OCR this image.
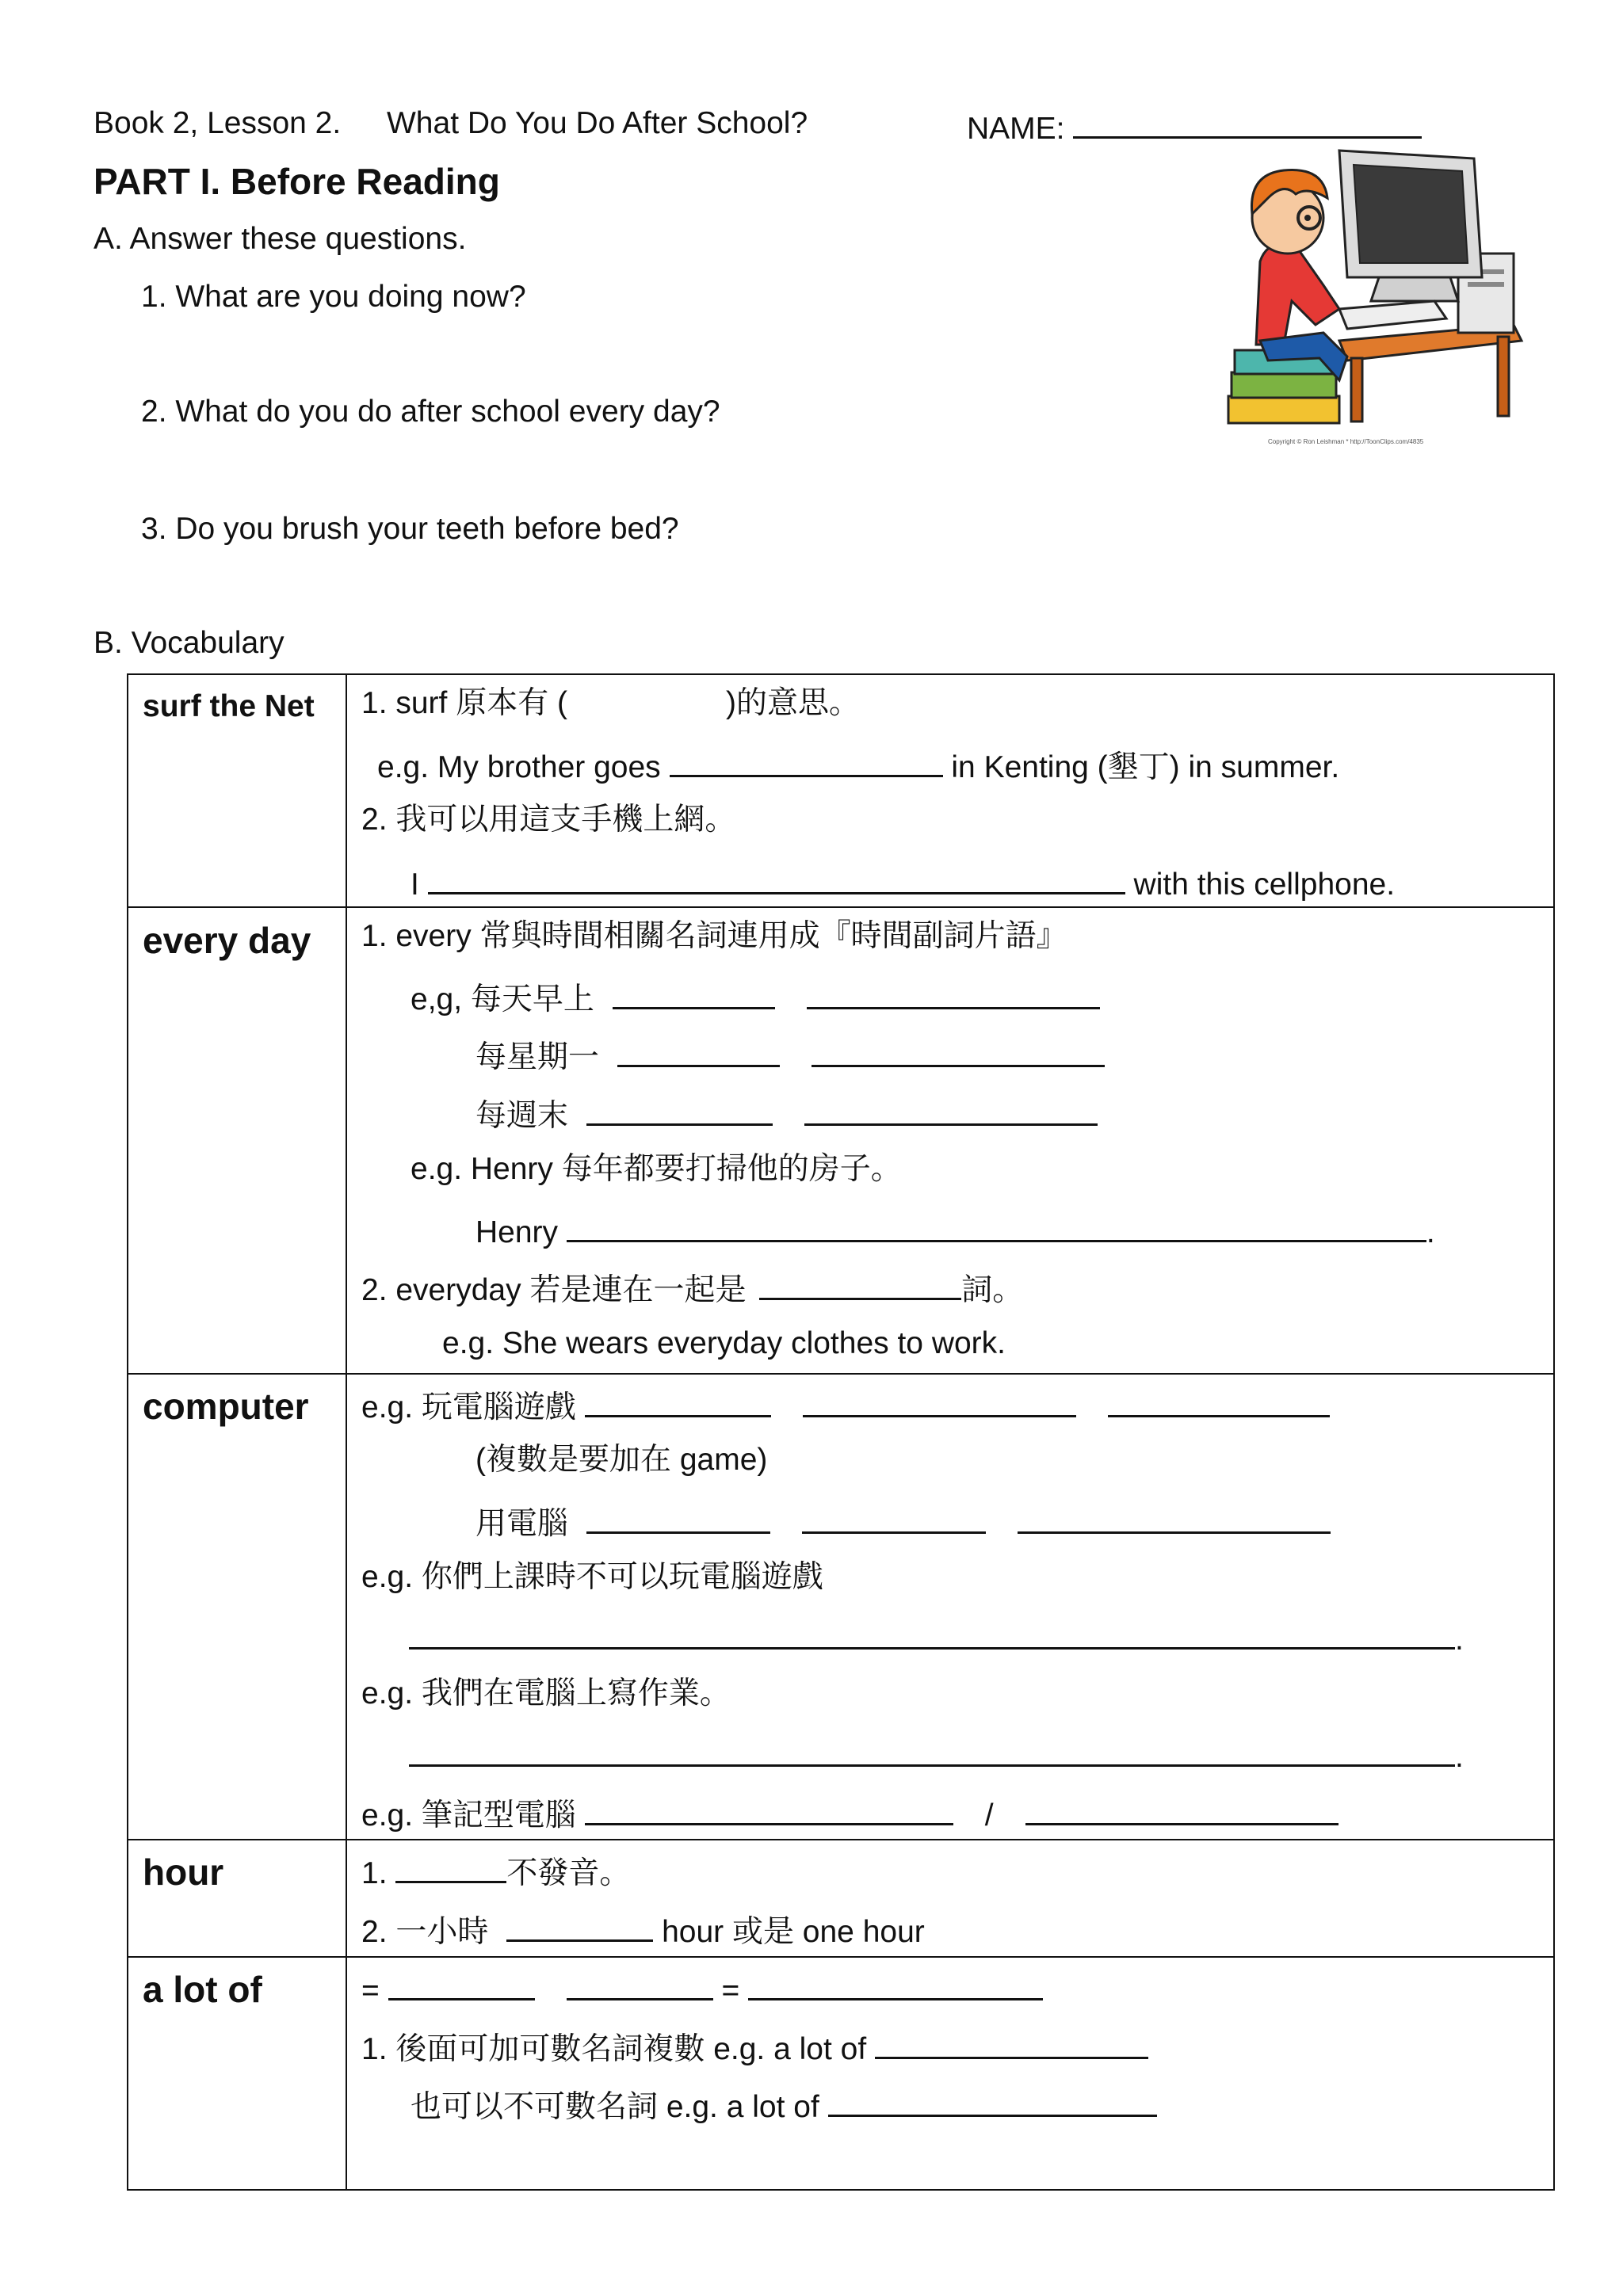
Book 2, Lesson 2. What Do You Do After School?	NAME:
PART I. Before Reading
A. Answer these questions.
1. What are you doing now?
2. What do you do after school every day?
3. Do you brush your teeth before bed?
Copyright © Ron Leishman * http://ToonClips.com/4835
B. Vocabulary
surf the Net 1. surf 原本有 (	)的意思。
e.g. My brother goes	in Kenting (墾丁) in summer.
2. 我可以用這支手機上網。
I	with this cellphone.
every day 1. every 常與時間相關名詞連用成『時間副詞片語』
e,g, 每天早上
每星期一
每週末
e.g. Henry 每年都要打掃他的房子。
Henry	.
2. everyday 若是連在一起是	詞。
e.g. She wears everyday clothes to work.
computer e.g. 玩電腦遊戲
(複數是要加在 game)
用電腦
e.g. 你們上課時不可以玩電腦遊戲
.
e.g. 我們在電腦上寫作業。
.
e.g. 筆記型電腦	/
hour	1.	不發音。
2. 一小時	hour 或是 one hour
a lot of	=	=
1. 後面可加可數名詞複數 e.g. a lot of
也可以不可數名詞 e.g. a lot of
